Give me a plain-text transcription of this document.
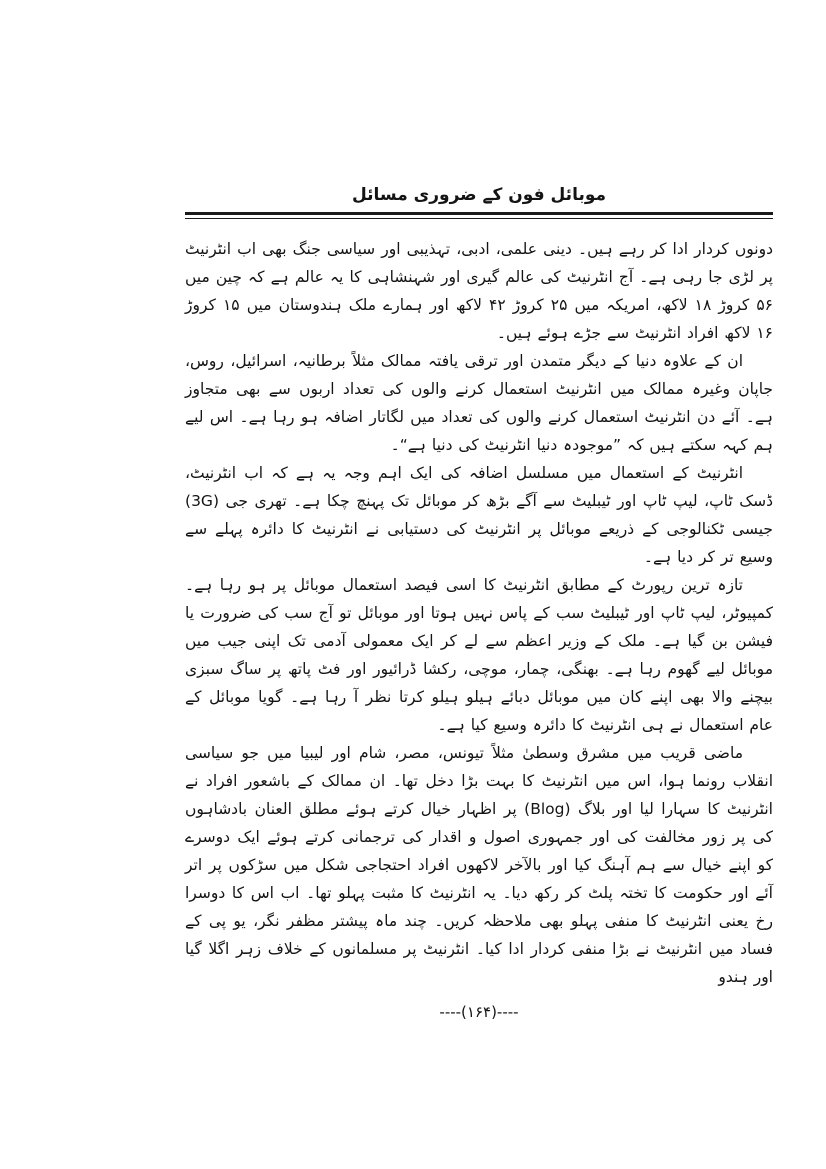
موبائل فون کے ضروری مسائل

دونوں کردار ادا کر رہے ہیں۔ دینی علمی، ادبی، تہذیبی اور سیاسی جنگ بھی اب انٹرنیٹ پر لڑی جا رہی ہے۔ آج انٹرنیٹ کی عالم گیری اور شہنشاہی کا یہ عالم ہے کہ چین میں ۵۶ کروڑ ۱۸ لاکھ، امریکہ میں ۲۵ کروڑ ۴۲ لاکھ اور ہمارے ملک ہندوستان میں ۱۵ کروڑ ۱۶ لاکھ افراد انٹرنیٹ سے جڑے ہوئے ہیں۔

ان کے علاوہ دنیا کے دیگر متمدن اور ترقی یافتہ ممالک مثلاً برطانیہ، اسرائیل، روس، جاپان وغیرہ ممالک میں انٹرنیٹ استعمال کرنے والوں کی تعداد اربوں سے بھی متجاوز ہے۔ آئے دن انٹرنیٹ استعمال کرنے والوں کی تعداد میں لگاتار اضافہ ہو رہا ہے۔ اس لیے ہم کہہ سکتے ہیں کہ ”موجودہ دنیا انٹرنیٹ کی دنیا ہے“۔

انٹرنیٹ کے استعمال میں مسلسل اضافہ کی ایک اہم وجہ یہ ہے کہ اب انٹرنیٹ، ڈسک ٹاپ، لیپ ٹاپ اور ٹیبلیٹ سے آگے بڑھ کر موبائل تک پہنچ چکا ہے۔ تھری جی (3G) جیسی ٹکنالوجی کے ذریعے موبائل پر انٹرنیٹ کی دستیابی نے انٹرنیٹ کا دائرہ پہلے سے وسیع تر کر دیا ہے۔

تازہ ترین رپورٹ کے مطابق انٹرنیٹ کا اسی فیصد استعمال موبائل پر ہو رہا ہے۔ کمپیوٹر، لیپ ٹاپ اور ٹیبلیٹ سب کے پاس نہیں ہوتا اور موبائل تو آج سب کی ضرورت یا فیشن بن گیا ہے۔ ملک کے وزیر اعظم سے لے کر ایک معمولی آدمی تک اپنی جیب میں موبائل لیے گھوم رہا ہے۔ بھنگی، چمار، موچی، رکشا ڈرائیور اور فٹ پاتھ پر ساگ سبزی بیچنے والا بھی اپنے کان میں موبائل دبائے ہیلو ہیلو کرتا نظر آ رہا ہے۔ گویا موبائل کے عام استعمال نے ہی انٹرنیٹ کا دائرہ وسیع کیا ہے۔

ماضی قریب میں مشرق وسطیٰ مثلاً تیونس، مصر، شام اور لیبیا میں جو سیاسی انقلاب رونما ہوا، اس میں انٹرنیٹ کا بہت بڑا دخل تھا۔ ان ممالک کے باشعور افراد نے انٹرنیٹ کا سہارا لیا اور بلاگ (Blog) پر اظہار خیال کرتے ہوئے مطلق العنان بادشاہوں کی پر زور مخالفت کی اور جمہوری اصول و اقدار کی ترجمانی کرتے ہوئے ایک دوسرے کو اپنے خیال سے ہم آہنگ کیا اور بالآخر لاکھوں افراد احتجاجی شکل میں سڑکوں پر اتر آئے اور حکومت کا تختہ پلٹ کر رکھ دیا۔ یہ انٹرنیٹ کا مثبت پہلو تھا۔ اب اس کا دوسرا رخ یعنی انٹرنیٹ کا منفی پہلو بھی ملاحظہ کریں۔ چند ماہ پیشتر مظفر نگر، یو پی کے فساد میں انٹرنیٹ نے بڑا منفی کردار ادا کیا۔ انٹرنیٹ پر مسلمانوں کے خلاف زہر اگلا گیا اور ہندو

----(۱۶۴)----
